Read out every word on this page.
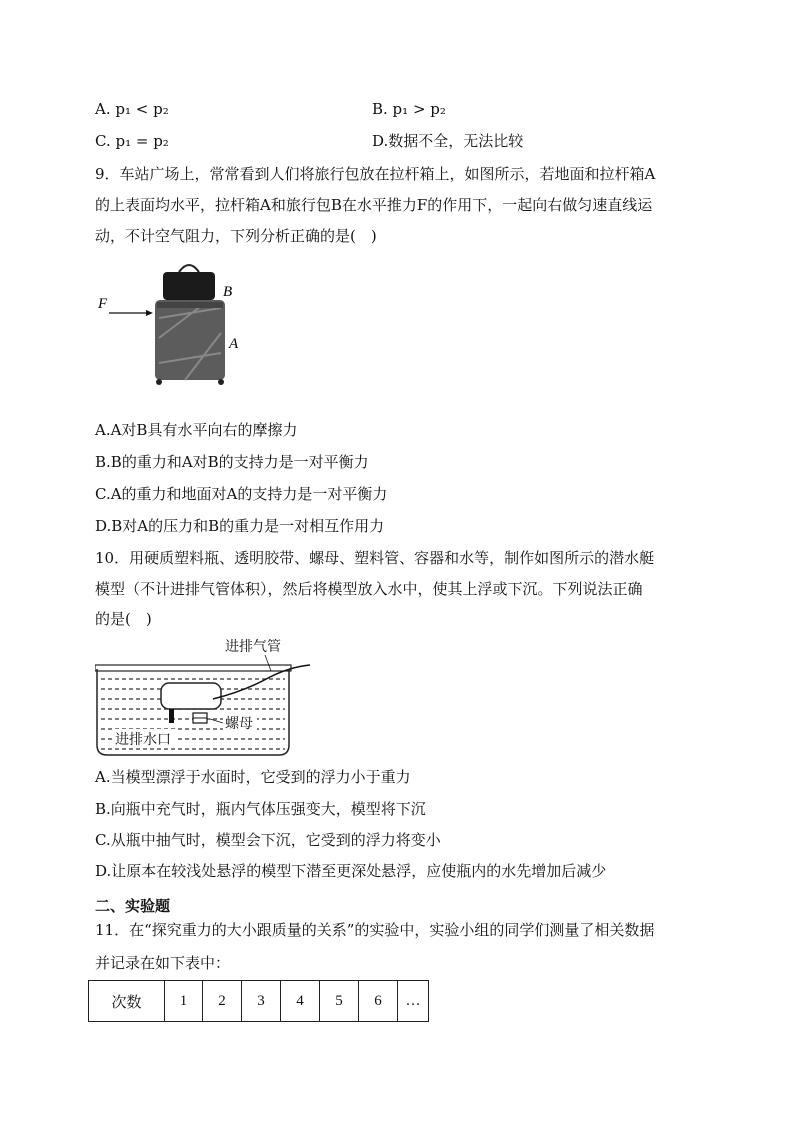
A. p₁ < p₂	B. p₁ > p₂
C. p₁ = p₂	D.数据不全，无法比较
9．车站广场上，常常看到人们将旅行包放在拉杆箱上，如图所示，若地面和拉杆箱A
的上表面均水平，拉杆箱A和旅行包B在水平推力F的作用下，一起向右做匀速直线运
动，不计空气阻力，下列分析正确的是(　)
F
B
A
A.A对B具有水平向右的摩擦力
B.B的重力和A对B的支持力是一对平衡力
C.A的重力和地面对A的支持力是一对平衡力
D.B对A的压力和B的重力是一对相互作用力
10．用硬质塑料瓶、透明胶带、螺母、塑料管、容器和水等，制作如图所示的潜水艇
模型（不计进排气管体积），然后将模型放入水中，使其上浮或下沉。下列说法正确
的是(　)
螺母
进排水口
进排气管
A.当模型漂浮于水面时，它受到的浮力小于重力
B.向瓶中充气时，瓶内气体压强变大，模型将下沉
C.从瓶中抽气时，模型会下沉，它受到的浮力将变小
D.让原本在较浅处悬浮的模型下潜至更深处悬浮，应使瓶内的水先增加后减少
二、实验题
11．在“探究重力的大小跟质量的关系”的实验中，实验小组的同学们测量了相关数据
并记录在如下表中：
次数	1	2	3	4	5	6	…
